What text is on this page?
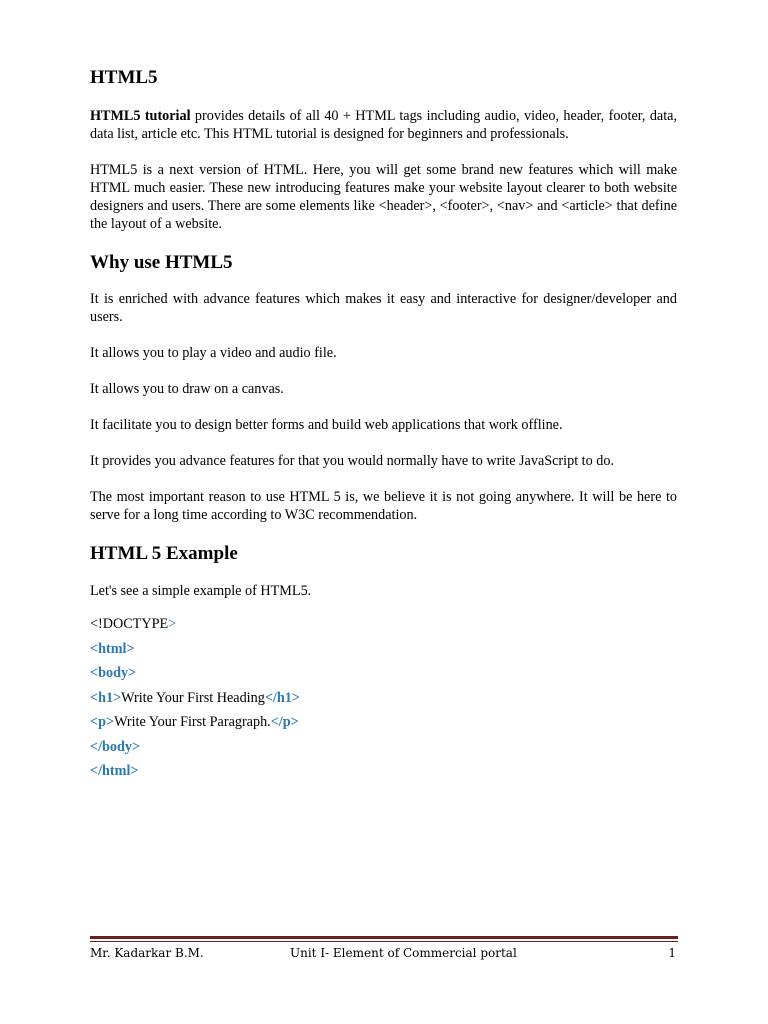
HTML5

HTML5 tutorial provides details of all 40 + HTML tags including audio, video, header, footer, data, data list, article etc. This HTML tutorial is designed for beginners and professionals.

HTML5 is a next version of HTML. Here, you will get some brand new features which will make HTML much easier. These new introducing features make your website layout clearer to both website designers and users. There are some elements like <header>, <footer>, <nav> and <article> that define the layout of a website.

Why use HTML5

It is enriched with advance features which makes it easy and interactive for designer/developer and users.

It allows you to play a video and audio file.

It allows you to draw on a canvas.

It facilitate you to design better forms and build web applications that work offline.

It provides you advance features for that you would normally have to write JavaScript to do.

The most important reason to use HTML 5 is, we believe it is not going anywhere. It will be here to serve for a long time according to W3C recommendation.

HTML 5 Example

Let's see a simple example of HTML5.

<!DOCTYPE>
<html>
<body>
<h1>Write Your First Heading</h1>
<p>Write Your First Paragraph.</p>
</body>
</html>
Mr. Kadarkar B.M.	Unit I- Element of Commercial portal	1
